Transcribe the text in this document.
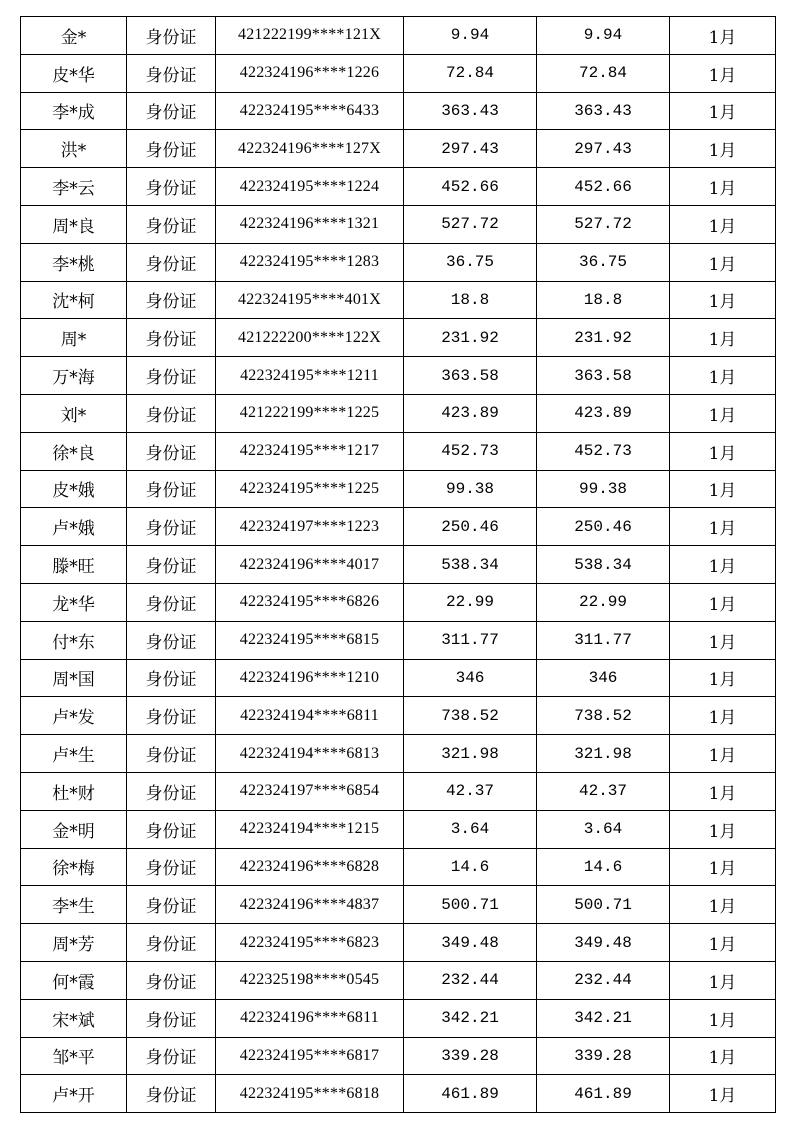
金*	身份证	421222199****121X	9.94	9.94	1月
皮*华	身份证	422324196****1226	72.84	72.84	1月
李*成	身份证	422324195****6433	363.43	363.43	1月
洪*	身份证	422324196****127X	297.43	297.43	1月
李*云	身份证	422324195****1224	452.66	452.66	1月
周*良	身份证	422324196****1321	527.72	527.72	1月
李*桃	身份证	422324195****1283	36.75	36.75	1月
沈*柯	身份证	422324195****401X	18.8	18.8	1月
周*	身份证	421222200****122X	231.92	231.92	1月
万*海	身份证	422324195****1211	363.58	363.58	1月
刘*	身份证	421222199****1225	423.89	423.89	1月
徐*良	身份证	422324195****1217	452.73	452.73	1月
皮*娥	身份证	422324195****1225	99.38	99.38	1月
卢*娥	身份证	422324197****1223	250.46	250.46	1月
滕*旺	身份证	422324196****4017	538.34	538.34	1月
龙*华	身份证	422324195****6826	22.99	22.99	1月
付*东	身份证	422324195****6815	311.77	311.77	1月
周*国	身份证	422324196****1210	346	346	1月
卢*发	身份证	422324194****6811	738.52	738.52	1月
卢*生	身份证	422324194****6813	321.98	321.98	1月
杜*财	身份证	422324197****6854	42.37	42.37	1月
金*明	身份证	422324194****1215	3.64	3.64	1月
徐*梅	身份证	422324196****6828	14.6	14.6	1月
李*生	身份证	422324196****4837	500.71	500.71	1月
周*芳	身份证	422324195****6823	349.48	349.48	1月
何*霞	身份证	422325198****0545	232.44	232.44	1月
宋*斌	身份证	422324196****6811	342.21	342.21	1月
邹*平	身份证	422324195****6817	339.28	339.28	1月
卢*开	身份证	422324195****6818	461.89	461.89	1月
